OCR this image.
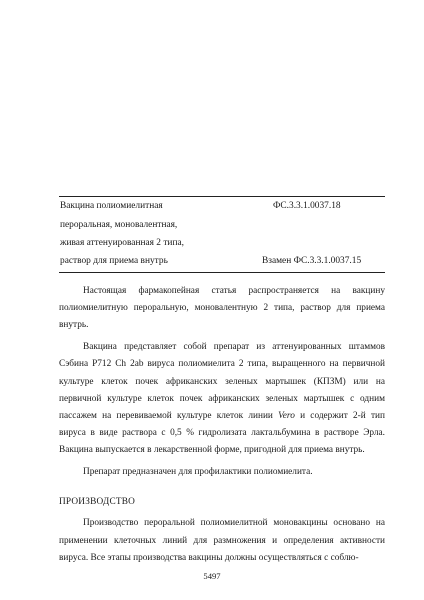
Вакцина полиомиелитная
пероральная, моновалентная,
живая аттенуированная 2 типа,
раствор для приема внутрь
ФС.3.3.1.0037.18
Взамен ФС.3.3.1.0037.15

Настоящая фармакопейная статья распространяется на вакцину полиомиелитную пероральную, моновалентную 2 типа, раствор для приема внутрь.

Вакцина представляет собой препарат из аттенуированных штаммов Сэбина Р712 Ch 2ab вируса полиомиелита 2 типа, выращенного на первичной культуре клеток почек африканских зеленых мартышек (КПЗМ) или на первичной культуре клеток почек африканских зеленых мартышек с одним пассажем на перевиваемой культуре клеток линии Vero и содержит 2-й тип вируса в виде раствора с 0,5 % гидролизата лактальбумина в растворе Эрла. Вакцина выпускается в лекарственной форме, пригодной для приема внутрь.

Препарат предназначен для профилактики полиомиелита.

ПРОИЗВОДСТВО

Производство пероральной полиомиелитной моновакцины основано на применении клеточных линий для размножения и определения активности вируса. Все этапы производства вакцины должны осуществляться с соблю-

5497
